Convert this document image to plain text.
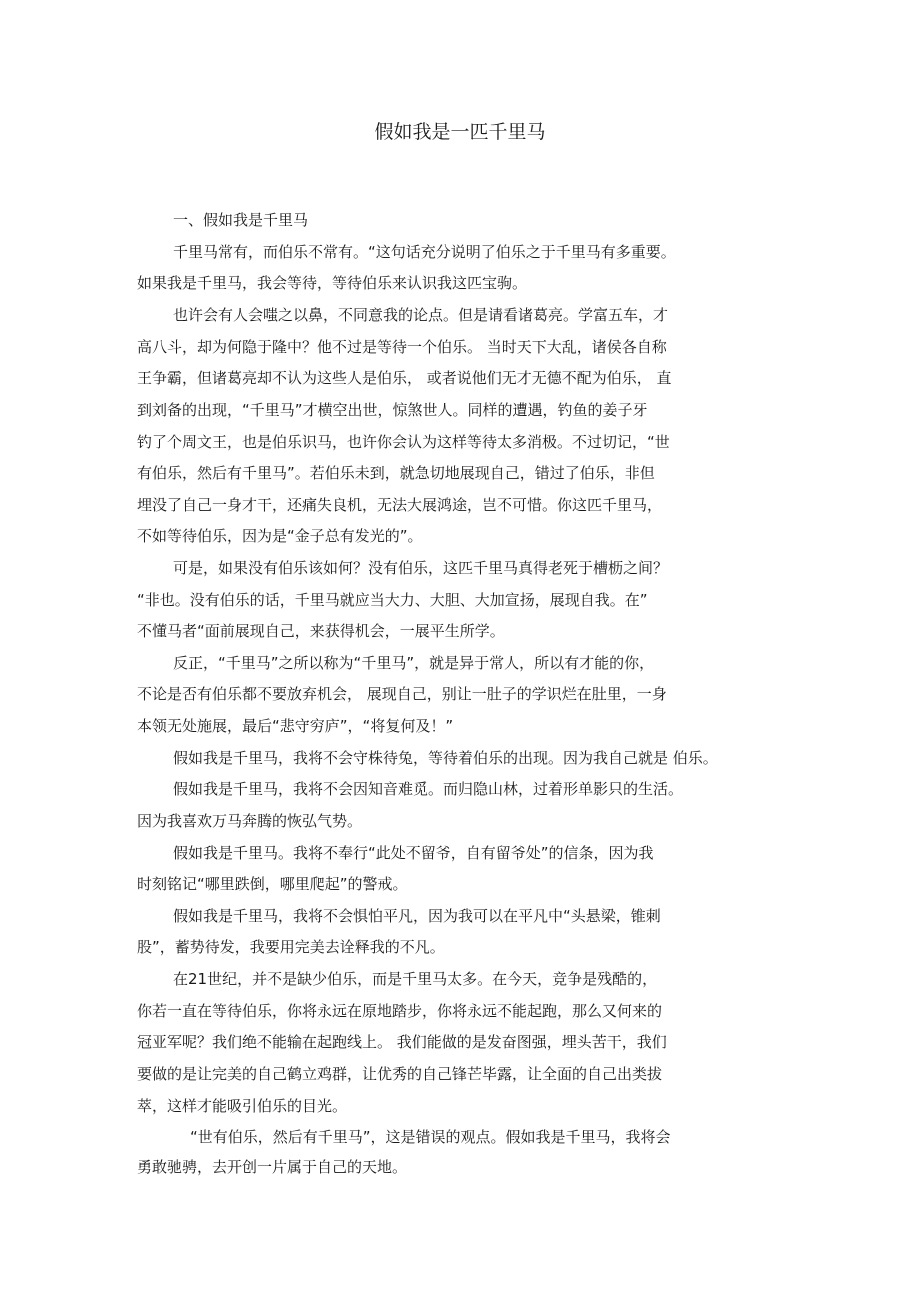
假如我是一匹千里马
一、假如我是千里马
千里马常有，而伯乐不常有。“这句话充分说明了伯乐之于千里马有多重要。
如果我是千里马，我会等待，等待伯乐来认识我这匹宝驹。
也许会有人会嗤之以鼻，不同意我的论点。但是请看诸葛亮。学富五车，才
高八斗，却为何隐于隆中？他不过是等待一个伯乐。 当时天下大乱，诸侯各自称
王争霸，但诸葛亮却不认为这些人是伯乐， 或者说他们无才无德不配为伯乐， 直
到刘备的出现，“千里马”才横空出世，惊煞世人。同样的遭遇，钓鱼的姜子牙
钓了个周文王，也是伯乐识马，也许你会认为这样等待太多消极。不过切记，“世
有伯乐，然后有千里马”。若伯乐未到，就急切地展现自己，错过了伯乐，非但
埋没了自己一身才干，还痛失良机，无法大展鸿途，岂不可惜。你这匹千里马，
不如等待伯乐，因为是“金子总有发光的”。
可是，如果没有伯乐该如何？没有伯乐，这匹千里马真得老死于槽枥之间？
“非也。没有伯乐的话，千里马就应当大力、大胆、大加宣扬，展现自我。在”
不懂马者“面前展现自己，来获得机会，一展平生所学。
反正，“千里马”之所以称为“千里马”，就是异于常人，所以有才能的你，
不论是否有伯乐都不要放弃机会， 展现自己，别让一肚子的学识烂在肚里，一身
本领无处施展，最后“悲守穷庐”，“将复何及！”
假如我是千里马，我将不会守株待兔，等待着伯乐的出现。因为我自己就是 伯乐。
假如我是千里马，我将不会因知音难觅。而归隐山林，过着形单影只的生活。
因为我喜欢万马奔腾的恢弘气势。
假如我是千里马。我将不奉行“此处不留爷，自有留爷处”的信条，因为我
时刻铭记“哪里跌倒，哪里爬起”的警戒。
假如我是千里马，我将不会惧怕平凡，因为我可以在平凡中“头悬梁，锥刺
股”，蓄势待发，我要用完美去诠释我的不凡。
在21世纪，并不是缺少伯乐，而是千里马太多。在今天，竞争是残酷的，
你若一直在等待伯乐，你将永远在原地踏步，你将永远不能起跑，那么又何来的
冠亚军呢？我们绝不能输在起跑线上。 我们能做的是发奋图强，埋头苦干，我们
要做的是让完美的自己鹤立鸡群，让优秀的自己锋芒毕露，让全面的自己出类拔
萃，这样才能吸引伯乐的目光。
“世有伯乐，然后有千里马”，这是错误的观点。假如我是千里马，我将会
勇敢驰骋，去开创一片属于自己的天地。
